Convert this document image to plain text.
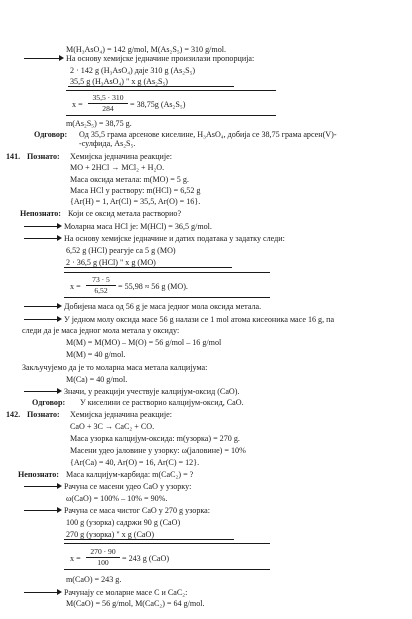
M(H₃AsO₄) = 142 g/mol, M(As₂S₅) = 310 g/mol.
На основу хемијске једначине произилази пропорција:
2 · 142 g (H₃AsO₄) даје 310 g (As₂S₅)
35,5 g (H₃AsO₄) " x g (As₂S₅)
x =
35,5 · 310
284	= 38,75g (As₂S₅)
m(As₂S₅) = 38,75 g.
Одговор: Од 35,5 грама арсенове киселине, H₃AsO₄, добија се 38,75 грама арсен(V)-
-сулфида, As₂S₅.
141. Познато: Хемијска једначина реакције:
MO + 2HCl → MCl₂ + H₂O.
Маса оксида метала: m(MO) = 5 g.
Маса HCl у раствору: m(HCl) = 6,52 g
{Ar(H) = 1, Ar(Cl) = 35,5, Ar(O) = 16}.
Непознато: Који се оксид метала растворио?
Моларна маса HCl је: M(HCl) = 36,5 g/mol.
На основу хемијске једначине и датих података у задатку следи:
6,52 g (HCl) реагује са 5 g (MO)
2 · 36,5 g (HCl) " x g (MO)
x =
73 · 5
6,52	= 55,98 ≈ 56 g (MO).
Добијена маса од 56 g је маса једног мола оксида метала.
У једном молу оксида масе 56 g налази се 1 mol атома кисеоника масе 16 g, па
следи да је маса једног мола метала у оксиду:
M(M) = M(MO) – M(O) = 56 g/mol – 16 g/mol
M(M) = 40 g/mol.
Закључујемо да је то моларна маса метала калцијума:
M(Ca) = 40 g/mol.
Значи, у реакцији учествује калцијум-оксид (CaO).
Одговор: У киселини се растворио калцијум-оксид, CaO.
142. Познато: Хемијска једначина реакције:
CaO + 3C → CaC₂ + CO.
Маса узорка калцијум-оксида: m(узорка) = 270 g.
Масени удео јаловине у узорку: ω(јаловине) = 10%
{Ar(Ca) = 40, Ar(O) = 16, Ar(C) = 12}.
Непознато: Маса калцијум-карбида: m(CaC₂) = ?
Рачуна се масени удео CaO у узорку:
ω(CaO) = 100% – 10% = 90%.
Рачуна се маса чистог CaO у 270 g узорка:
100 g (узорка) садржи 90 g (CaO)
270 g (узорка) " x g (CaO)
x =
270 · 90
100	= 243 g (CaO)
m(CaO) = 243 g.
Рачунају се моларне масе C и CaC₂:
M(CaO) = 56 g/mol, M(CaC₂) = 64 g/mol.
